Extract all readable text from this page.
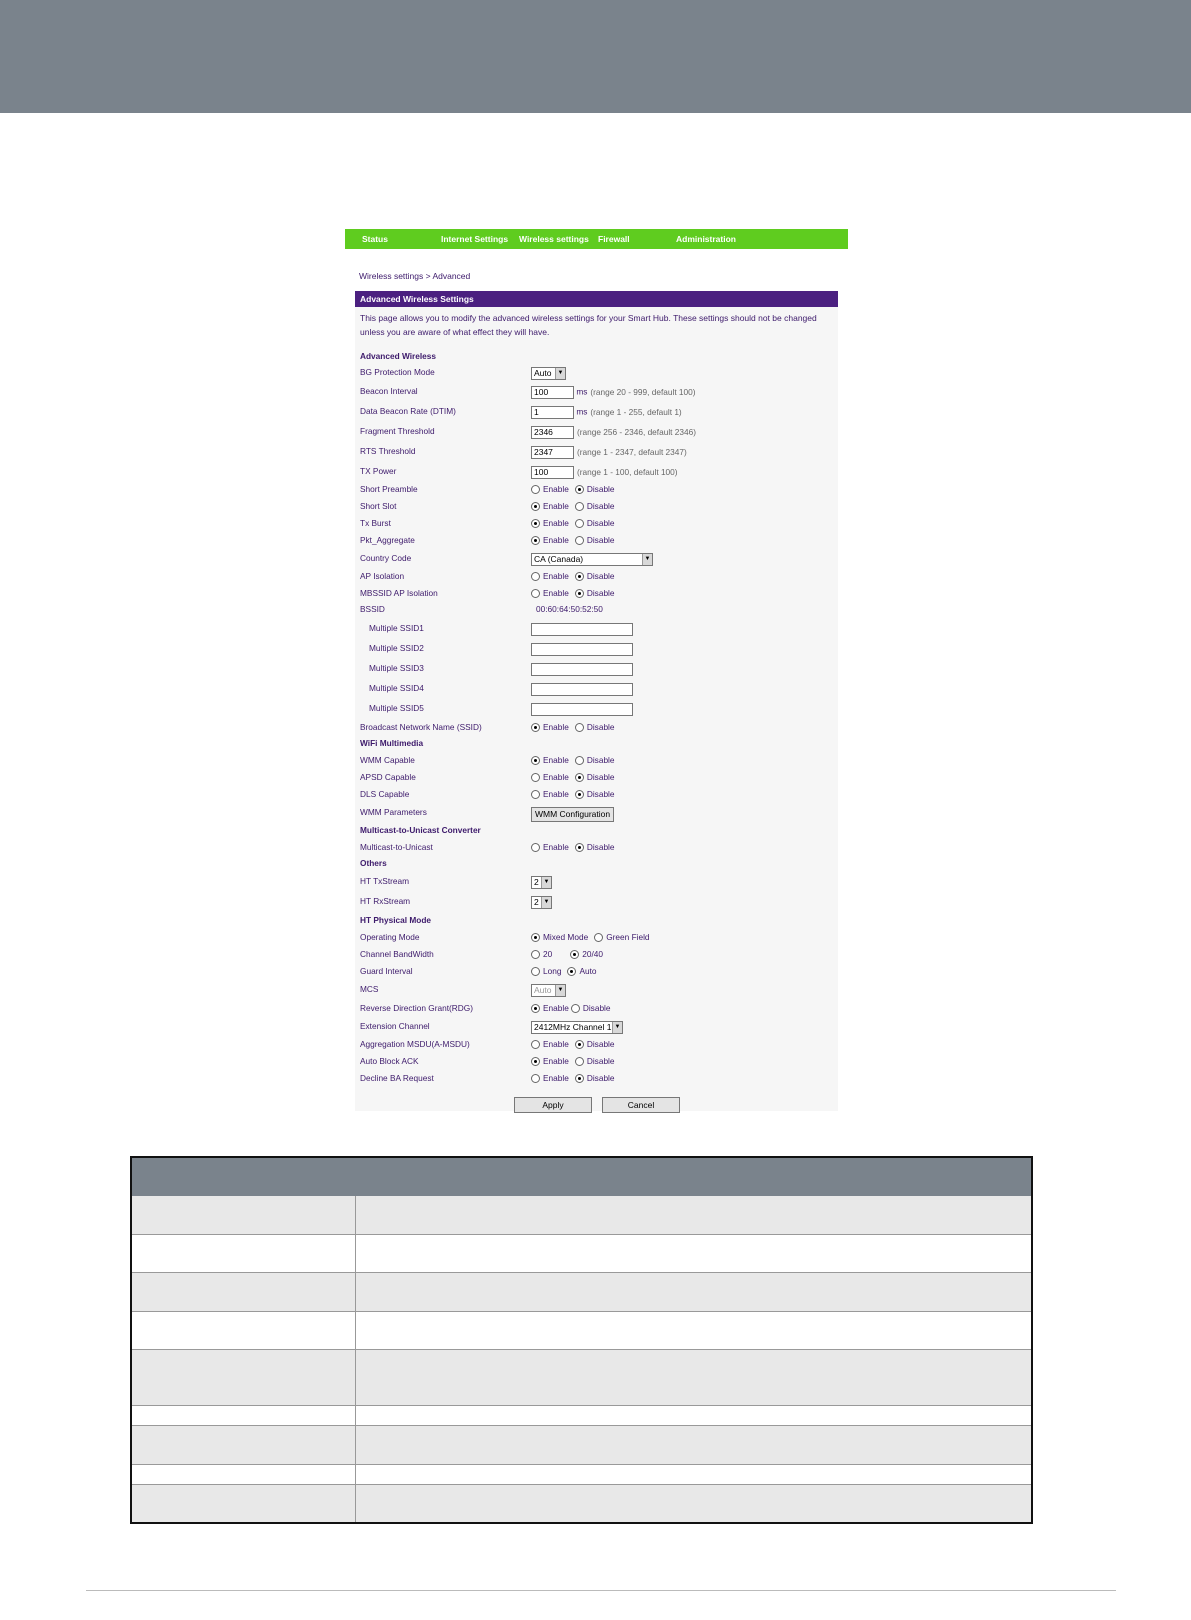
Status	Internet Settings Wireless settings Firewall	Administration
Wireless settings > Advanced
Advanced Wireless Settings
This page allows you to modify the advanced wireless settings for your Smart Hub. These settings should not be changed unless you are aware of what effect they will have.
Advanced Wireless
BG Protection Mode	Auto	▼
Beacon Interval	100	ms (range 20 - 999, default 100)
Data Beacon Rate (DTIM)	1	ms (range 1 - 255, default 1)
Fragment Threshold	2346	(range 256 - 2346, default 2346)
RTS Threshold	2347	(range 1 - 2347, default 2347)
TX Power	100	(range 1 - 100, default 100)
Short Preamble	Enable Disable
Short Slot	Enable Disable
Tx Burst	Enable Disable
Pkt_Aggregate	Enable Disable
Country Code	CA (Canada)	▼
AP Isolation	Enable Disable
MBSSID AP Isolation	Enable Disable
BSSID	00:60:64:50:52:50
Multiple SSID1
Multiple SSID2
Multiple SSID3
Multiple SSID4
Multiple SSID5
Broadcast Network Name (SSID)	Enable Disable
WiFi Multimedia
WMM Capable	Enable Disable
APSD Capable	Enable Disable
DLS Capable	Enable Disable
WMM Parameters	WMM Configuration
Multicast-to-Unicast Converter
Multicast-to-Unicast	Enable Disable
Others
HT TxStream	2 ▼
HT RxStream	2 ▼
HT Physical Mode
Operating Mode	Mixed Mode Green Field
Channel BandWidth	20	20/40
Guard Interval	Long Auto
MCS	Auto	▼
Reverse Direction Grant(RDG)	Enable Disable
Extension Channel	2412MHz Channel 1 ▼
Aggregation MSDU(A-MSDU)	Enable Disable
Auto Block ACK	Enable Disable
Decline BA Request	Enable Disable
Apply	Cancel
